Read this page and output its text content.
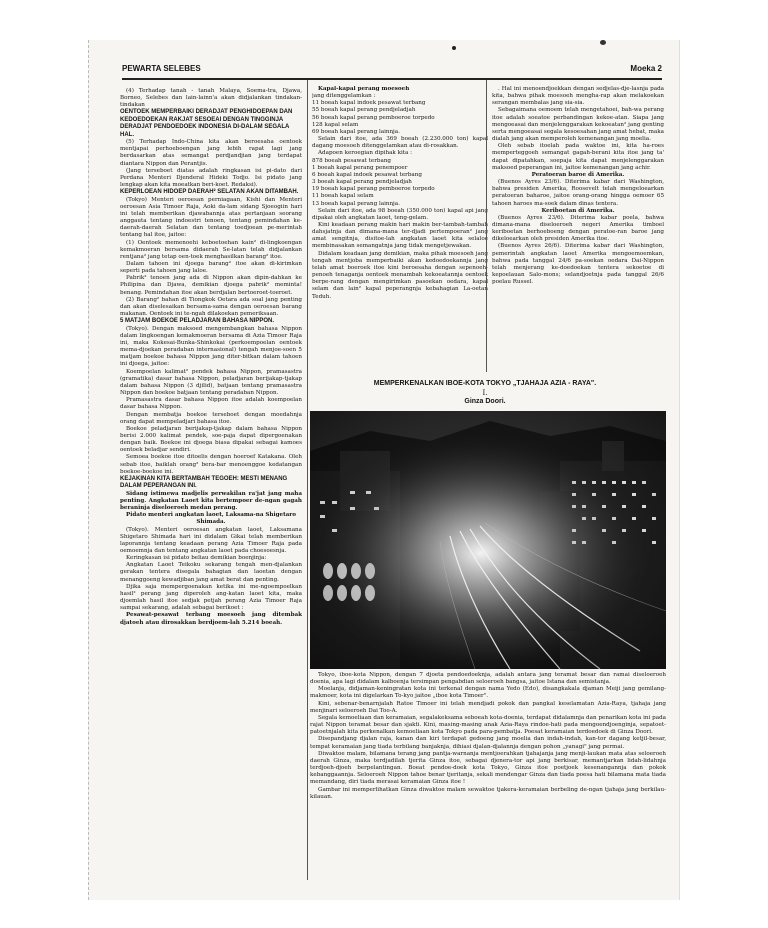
PEWARTA SELEBES	Moeka 2

(4) Terhadap tanah - tanah Malaya, Soema-tra, Djawa, Borneo, Selebes dan lain-lainn'a akan didjalankan tindakan-tindakan

OENTOEK MEMPERBAIKI DERADJAT PENGHIDOEPAN DAN KEDOEDOEKAN RAKJAT SESOEAI DENGAN TINGGINJA DERADJAT PENDOEDOEK INDONESIA DI-DALAM SEGALA HAL.

(5) Terhadap Indo-China kita akan beroesaha oentoek mentjapai perhoeboengan jang lebih rapat lagi jang berdasarkan atas semangat perdjandjian jang terdapat diantara Nippon dan Perantjis.

(Jang terseboet diatas adalah ringkasan isi pi-dato dari Perdana Menteri Djenderal Hideki Todjo. Isi pidato jang lengkap akan kita moeatkan beri-koet. Redaksi).

KEPERLOEAN HIDOEP DAERAH² SELATAN AKAN DITAMBAH.

(Tokyo) Menteri oeroesan perniagaan, Kishi dan Menteri oeroesan Asia Timoer Raja, Aoki da-lam sidang Sjoeogiin hari ini telah memberikan djawabannja atas pertanjaan seorang anggauta tentang indoestri tenoen, tentang pemindahan ke-daerah-daerah Selatan dan tentang toedjoean pe-merintah tentang hal itoe, jaitoe:

(1) Oentoek memenoehi keboetoehan kain² di-lingkoengan kemakmoeran bersama didaerah Se-latan telah didjalankan rentjana² jang tetap oen-toek menghasilkan barang² itoe.

Dalam tahoen ini djoega barang² itoe akan di-kirimkan seperti pada tahoen jang laloe.

Pabrik² tenoen jang ada di Nippon akan dipin-dahkan ke Philipina dan Djawa, demikian djoega pabrik² meminta! benang. Pemindahan itoe akan berdjalan bertoeroet-toeroet.

(2) Barang² bahan di Tiongkok Oetara ada soal jang penting dan akan diselesaikan bersama-sama dengan oeroesan barang makanan. Oentoek ini te-ngah dilakoekan pemeriksaan.

5 MATJAM BOEKOE PELADJARAN BAHASA NIPPON.

(Tokyo). Dengan maksoed mengembangkan bahasa Nippon dalam lingkoengan kemakmoeran bersama di Azia Timoer Raja ini, maka Kokesai-Bunka-Shinkokai (perkoempoelan oentoek mema-djoekan peradaban internasional) tengah menjoe-soen 5 matjam boekoe bahasa Nippon jang diter-bitkan dalam tahoen ini djoega, jaitoe:

Koempoelan kalimat² pendek bahasa Nippon, pramasastra (gramatika) dasar bahasa Nippon, peladjaran berijakap-tjakap dalam bahasa Nippon (3 djilid), batjaan tentang pramasastra Nippon dan boekoe batjaan tentang peradaban Nippon.

Pramasastra dasar bahasa Nippon itoe adalah koempoelan dasar bahasa Nippon.

Dengan membatja boekoe terseboet dengan moedahnja orang dapat mempeladjari bahasa itoe.

Boekoe peladjaran berijakap-tjakap dalam bahasa Nippon berisi 2.000 kalimat pendek, soe-paja dapat dipergoenakan dengan baik. Boekoe ini djoega biasa dipakai sebagai kamoes oentoek beladjar sendiri.

Semoea boekoe itoe ditoelis dengan hoeroef Katakana. Oleh sebab itoe, baiklah orang² bera-bar menoenggoe kedatangan boekoe-boekoe ini.

KEJAKINAN KITA BERTAMBAH TEGOEH: MESTI MENANG DALAM PEPERANGAN INI.

Sidang istimewa madjelis perwakilan ra'jat jang maha penting. Angkatan Laoet kita bertempoer de-ngan gagah beraninja diseloeroeh medan perang.

Pidato menteri angkatan laoet, Laksama-na Shigetaro Shimada.

(Tokyo). Menteri oeroesan angkatan laoet, Laksamana Shigetaro Shimada hari ini didalam Gikai telah memberikan laporannja tentang keadaan perang Azia Timoer Raja pada oemoemnja dan tentang angkatan laoet pada choesoesnja.

Keringkasan isi pidato beliau demikian boenjinja:

Angkatan Laoet Teikoku sekarang tengah men-djalankan gerakan tentera disegala bahagian dan laoetan dengan menanggoeng kewadjiban jang amat berat dan penting.

Djika saja mempergoenakan ketika ini me-ngoempoelkan hasil² perang jang diperoleh ang-katan laoet kita, maka djoemlah hasil itoe sedjak petjah perang Azia Timoer Raja sampai sekarang, adalah sebagai berikoet :

Pesawat-pesawat terbang moesoeh jang ditembak djatoeh atau dirosakkan berdjoem-lah 5.214 boeah.

Kapal-kapal perang moesoeh

jang ditenggelamkan :

11 boeah kapal indoek pesawat terbang

55 boeah kapal perang pendjeladjah

56 boeah kapal perang pemboeroe torpedo

128 kapal selam

69 boeah kapal perang lainnja.

Selain dari itoe, ada 369 boeah (2.230.000 ton) kapal dagang moesoeh ditenggelamkan atau di-rosakkan.

Adapoen keroegian dipihak kita :

878 boeah pesawat terbang

1 boeah kapal perang penempoer

6 boeah kapal indoek pesawat terbang

3 boeah kapal perang pendjeladjah

19 boeah kapal perang pemboeroe torpedo

11 boeah kapal selam

13 boeah kapal perang lainnja.

Selain dari itoe, ada 98 boeah (350.000 ton) kapal api jang dipakai oleh angkatan laoet, teng-gelam.

Kini keadaan perang makin hari makin ber-tambah-tambah dahsjatnja dan dimana-mana ter-djadi pertempoeran² jang amat sengitnja, disitoe-lah angkatan laoet kita selaloe membinasakan semangatnja jang tidak mengetjewakan.

Didalam keadaan jang demikian, maka pihak moesoeh jang tengah mentjoba memperbaiki akan kedoedoekannja jang telah amat boeroek itoe kini beroesaha dengan sepenoeh-penoeh tenaganja oentoek menambah kekoeatannja oentoek berpe-rang dengan mengirimkan pasoekan oedara, kapal selam dan lain² kapal peperangnja kebahagian La-oetan Teduh.

. Hal ini menoendjoekkan dengan sedjelas-dje-lasnja pada kita, bahwa pihak moesoeh mengha-rap akan melakoekan serangan membalas jang sia-sia.

Sebagaimana oemoem telah mengetahoei, bah-wa perang itoe adalah soeatoe perbandingan kekoe-atan. Siapa jang mengoeasai dan menjelenggarakan kekoeatan² jang genting serta mengoeasai segala kesoesahan jang amat hebat, maka dialah jang akan memperoleh kemenangan jang moelia.

Oleh sebab itoelah pada waktoe ini, kita ha-roes memperteggoeh semangat gagah-berani kita itoe jang ta' dapat dipatahkan, soepaja kita dapat menjelenggarakan maksoed peperangan ini, jaitoe kemenangan jang achir.

Peratoeran baroe di Amerika.

(Buenos Ayres 23/6). Diterima kabar dari Washington, bahwa presiden Amerika, Roosevelt telah mengeloearkan peratoeran baharoe, jaitoe orang-orang hingga oemoer 65 tahoen haroes ma-soek dalam dinas tentera.

Keriboetan di Amerika.

(Buenos Ayres 23/6). Diterima kabar poela, bahwa dimana-mana diseloeroeh negeri Amerika timboel keriboetan berhoeboeng dengan peratoe-ran baroe jang dikeloearkan oleh presiden Amerika itoe.

(Buenos Ayres 26/6). Diterima kabar dari Washington, pemerintah angkatan laoet Amerika mengoemoemkan, bahwa pada tanggal 24/6 pa-soekan oedara Dai-Nippon telah menjerang ke-doedoekan tentera sekoetoe di kepoelauan Salo-mons; selandjoetnja pada tanggal 26/6 poelau Russel.

MEMPERKENALKAN IBOE-KOTA TOKYO „TJAHAJA AZIA - RAYA".
I.
Ginza Doori.

Tokyo, iboe-kota Nippon, dengan 7 djoeta pendoedoeknja, adalah antara jang teramat besar dan ramai diseloeroeh doenia, apa lagi didalam kalboenja tersimpan pengabdian seloeroeh bangsa, jaitoe Istana dan semistanja.

Moelanja, didjaman-keningratan kota ini terkenal dengan nama Yedo (Edo), disangkakala djaman Meiji jang gemilang-makmoer, kota ini digelarkan To-kyo jaitoe „iboe kota Timoer".

Kini, sebenar-benarnjalah Ratoe Timoer ini telah mendjadi pokok dan pangkal keselamatan Azia-Raya, tjahaja jang menjinari seloeroeh Dai Too-A.

Segala kemoeliaan dan keramaian, segalakeksama seboeah kota-doenia, terdapat didalamnja dan penarikan kota ini pada rajat Nippon teramat besar dan sjakti. Kini, masing-masing anak Azia-Raya rindoe-hati pada mengoendjoenginja, sepatoet-patoetnjalah kita perkenalkan kemoeliaan kota Tokyo pada para-pembatja. Poesat keramaian terdoedoek di Ginza Doori.

Disepandjang djalan raja, kanan dan kiri terdapat gedoeng jang moelia dan indah-indah, kan-tor dagang ketjil-besar, tempat keramaian jang tiada terbilang banjaknja, dihiasi djalan-djalannja dengan pohon „yanagi" jang permai.

Diwaktoe malam, bilamana terang jang pantja-warnanja mentjoerahkan tjahajanja jang menji-laukan mata atas seloeroeh daerah Ginza, maka terdjadilah tjerita Ginza itoe, sebagai djenera-tor api jang berkisar, memantjarkan lidah-lidahnja terdjoeh-djoeh berpelantingan. Boeat pendoe-doek kota Tokyo, Ginza itoe poetjoek kesenangannja dan pokok kebanggaannja. Seloeroeh Nippon tahoe benar tjeritanja, sekali mendengar Ginza dan tiada poesa hati bilamana mata tiada memandang, diri tiada merasai keramaian Ginza itoe !

Gambar ini memperlihatkan Ginza diwaktoe malam sewaktoe tjakera-keramaian berbeling de-ngan tjahaja jang berkilau-kilauan.
